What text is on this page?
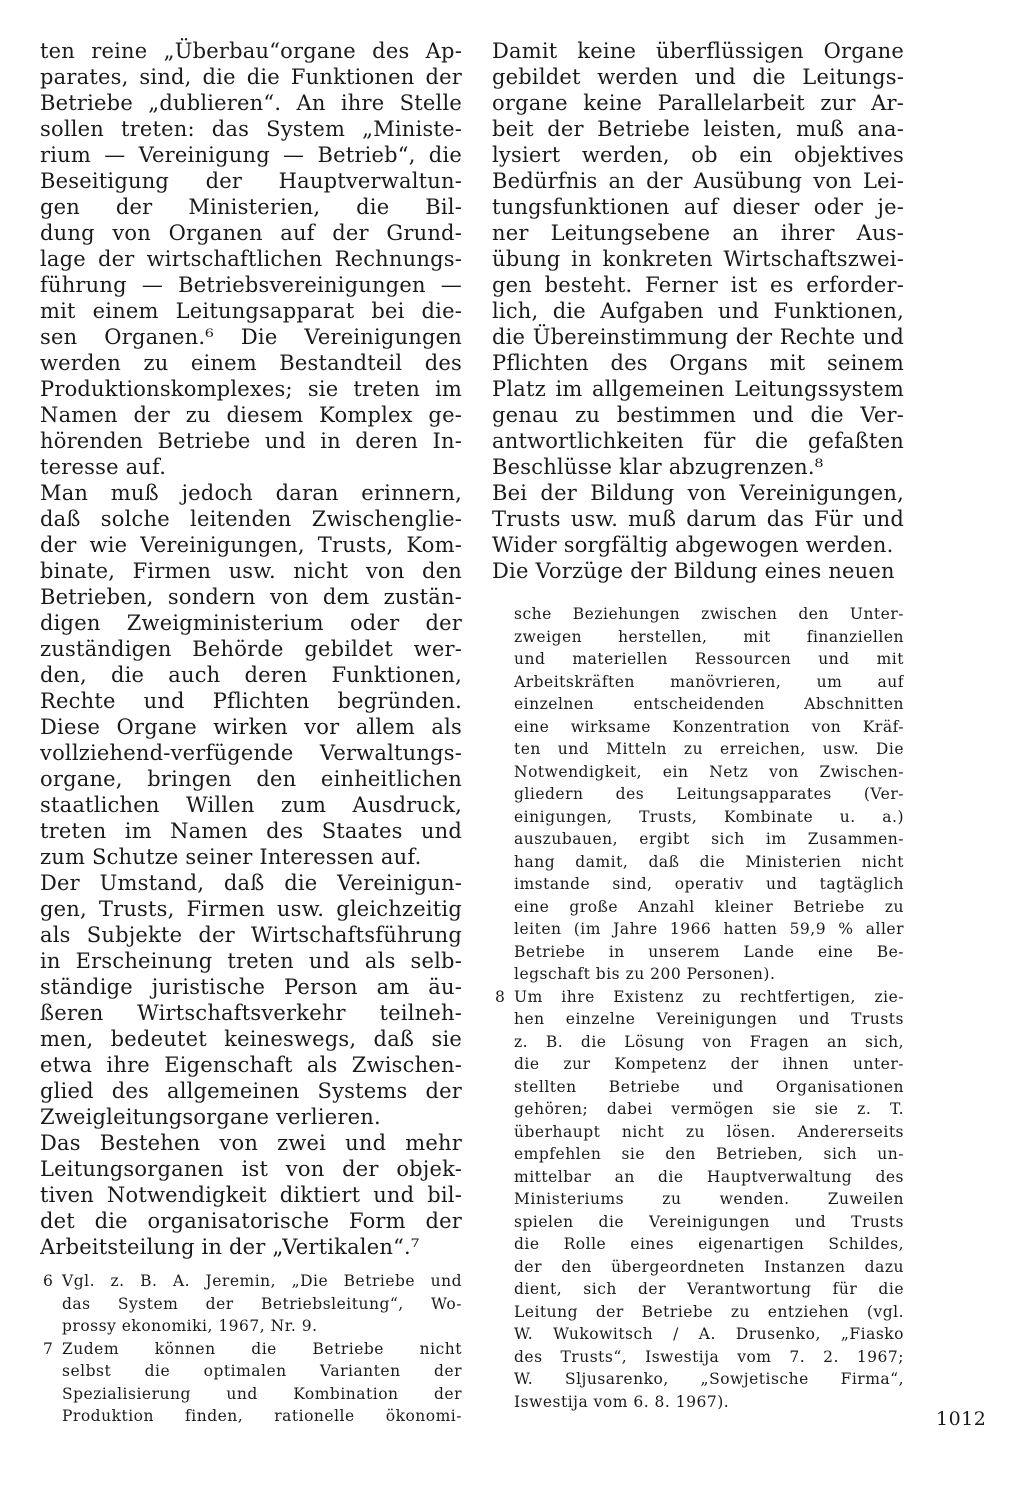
ten reine „Überbau“organe des Ap-
parates, sind, die die Funktionen der
Betriebe „dublieren“. An ihre Stelle
sollen treten: das System „Ministe-
rium — Vereinigung — Betrieb“, die
Beseitigung der Hauptverwaltun-
gen der Ministerien, die Bil-
dung von Organen auf der Grund-
lage der wirtschaftlichen Rechnungs-
führung — Betriebsvereinigungen —
mit einem Leitungsapparat bei die-
sen Organen.⁶ Die Vereinigungen
werden zu einem Bestandteil des
Produktionskomplexes; sie treten im
Namen der zu diesem Komplex ge-
hörenden Betriebe und in deren In-
teresse auf.
Man muß jedoch daran erinnern,
daß solche leitenden Zwischenglie-
der wie Vereinigungen, Trusts, Kom-
binate, Firmen usw. nicht von den
Betrieben, sondern von dem zustän-
digen Zweigministerium oder der
zuständigen Behörde gebildet wer-
den, die auch deren Funktionen,
Rechte und Pflichten begründen.
Diese Organe wirken vor allem als
vollziehend-verfügende Verwaltungs-
organe, bringen den einheitlichen
staatlichen Willen zum Ausdruck,
treten im Namen des Staates und
zum Schutze seiner Interessen auf.
Der Umstand, daß die Vereinigun-
gen, Trusts, Firmen usw. gleichzeitig
als Subjekte der Wirtschaftsführung
in Erscheinung treten und als selb-
ständige juristische Person am äu-
ßeren Wirtschaftsverkehr teilneh-
men, bedeutet keineswegs, daß sie
etwa ihre Eigenschaft als Zwischen-
glied des allgemeinen Systems der
Zweigleitungsorgane verlieren.
Das Bestehen von zwei und mehr
Leitungsorganen ist von der objek-
tiven Notwendigkeit diktiert und bil-
det die organisatorische Form der
Arbeitsteilung in der „Vertikalen“.⁷
Damit keine überflüssigen Organe
gebildet werden und die Leitungs-
organe keine Parallelarbeit zur Ar-
beit der Betriebe leisten, muß ana-
lysiert werden, ob ein objektives
Bedürfnis an der Ausübung von Lei-
tungsfunktionen auf dieser oder je-
ner Leitungsebene an ihrer Aus-
übung in konkreten Wirtschaftszwei-
gen besteht. Ferner ist es erforder-
lich, die Aufgaben und Funktionen,
die Übereinstimmung der Rechte und
Pflichten des Organs mit seinem
Platz im allgemeinen Leitungssystem
genau zu bestimmen und die Ver-
antwortlichkeiten für die gefaßten
Beschlüsse klar abzugrenzen.⁸
Bei der Bildung von Vereinigungen,
Trusts usw. muß darum das Für und
Wider sorgfältig abgewogen werden.
Die Vorzüge der Bildung eines neuen
sche Beziehungen zwischen den Unter-
zweigen herstellen, mit finanziellen
und materiellen Ressourcen und mit
Arbeitskräften manövrieren, um auf
einzelnen entscheidenden Abschnitten
eine wirksame Konzentration von Kräf-
ten und Mitteln zu erreichen, usw. Die
Notwendigkeit, ein Netz von Zwischen-
gliedern des Leitungsapparates (Ver-
einigungen, Trusts, Kombinate u. a.)
auszubauen, ergibt sich im Zusammen-
hang damit, daß die Ministerien nicht
imstande sind, operativ und tagtäglich
eine große Anzahl kleiner Betriebe zu
leiten (im Jahre 1966 hatten 59,9 % aller
Betriebe in unserem Lande eine Be-
legschaft bis zu 200 Personen).
8 Um ihre Existenz zu rechtfertigen, zie-
hen einzelne Vereinigungen und Trusts
z. B. die Lösung von Fragen an sich,
die zur Kompetenz der ihnen unter-
stellten Betriebe und Organisationen
gehören; dabei vermögen sie sie z. T.
überhaupt nicht zu lösen. Andererseits
empfehlen sie den Betrieben, sich un-
mittelbar an die Hauptverwaltung des
Ministeriums zu wenden. Zuweilen
spielen die Vereinigungen und Trusts
die Rolle eines eigenartigen Schildes,
der den übergeordneten Instanzen dazu
dient, sich der Verantwortung für die
Leitung der Betriebe zu entziehen (vgl.
W. Wukowitsch / A. Drusenko, „Fiasko
des Trusts“, Iswestija vom 7. 2. 1967;
W. Sljusarenko, „Sowjetische Firma“,
Iswestija vom 6. 8. 1967).
6 Vgl. z. B. A. Jeremin, „Die Betriebe und
das System der Betriebsleitung“, Wo-
prossy ekonomiki, 1967, Nr. 9.
7 Zudem können die Betriebe nicht
selbst die optimalen Varianten der
Spezialisierung und Kombination der
Produktion finden, rationelle ökonomi-	1012
